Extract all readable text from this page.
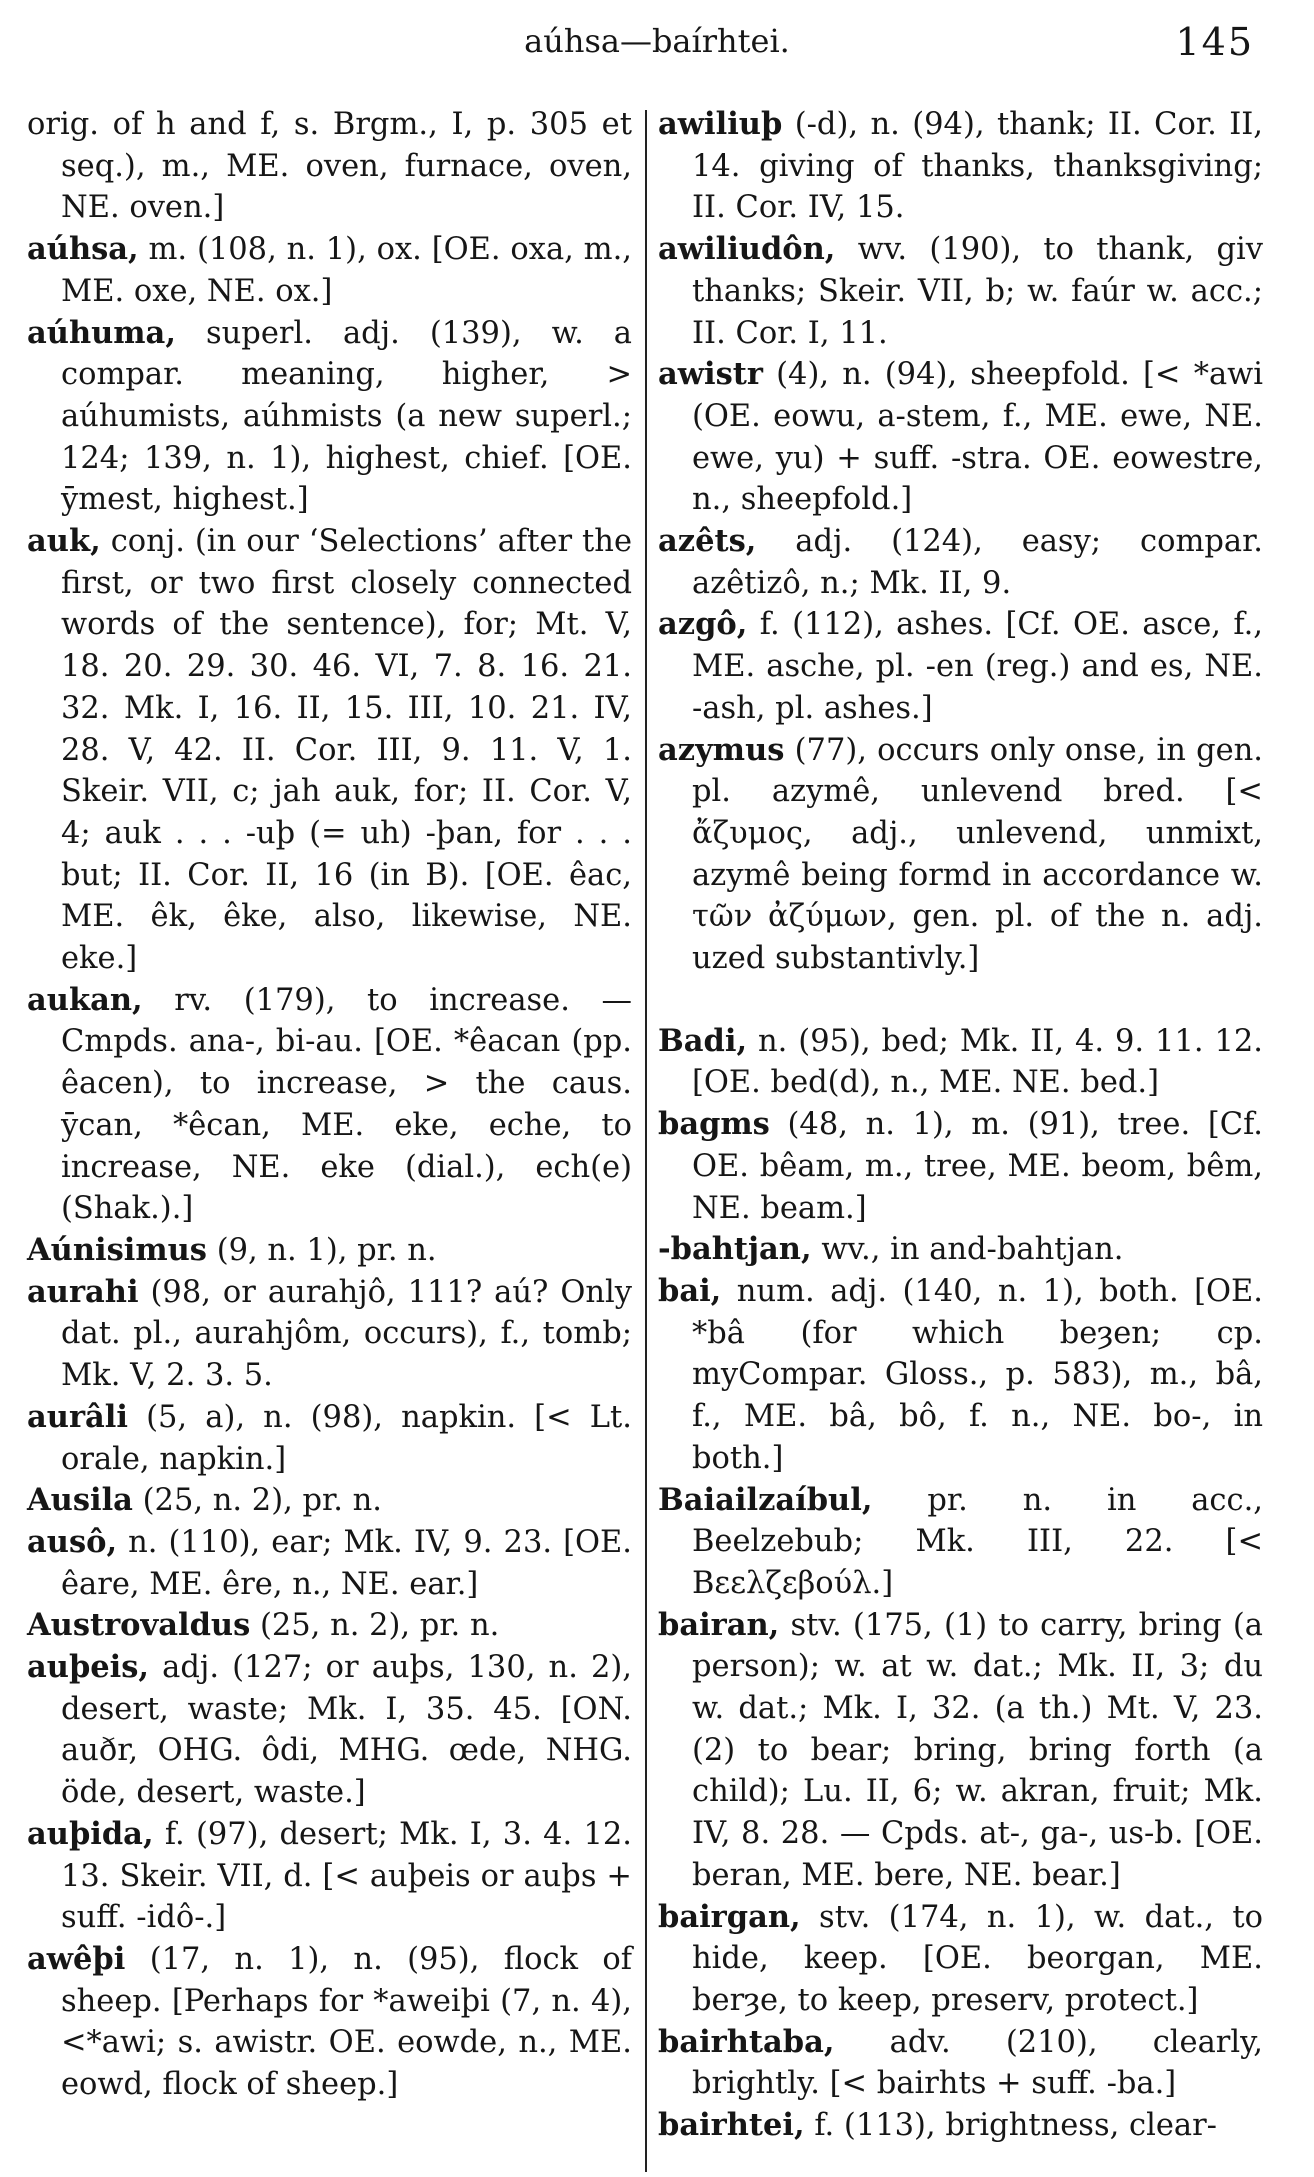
aúhsa—baírhtei.	145

orig. of h and f, s. Brgm., I, p. 305 et seq.), m., ME. oven, furnace, oven, NE. oven.]

aúhsa, m. (108, n. 1), ox. [OE. oxa, m., ME. oxe, NE. ox.]

aúhuma, superl. adj. (139), w. a compar. meaning, higher, > aúhumists, aúhmists (a new superl.; 124; 139, n. 1), highest, chief. [OE. ȳmest, highest.]

auk, conj. (in our ‘Selections’ after the first, or two first closely connected words of the sentence), for; Mt. V, 18. 20. 29. 30. 46. VI, 7. 8. 16. 21. 32. Mk. I, 16. II, 15. III, 10. 21. IV, 28. V, 42. II. Cor. III, 9. 11. V, 1. Skeir. VII, c; jah auk, for; II. Cor. V, 4; auk . . . -uþ (= uh) -þan, for . . . but; II. Cor. II, 16 (in B). [OE. êac, ME. êk, êke, also, likewise, NE. eke.]

aukan, rv. (179), to increase. — Cmpds. ana-, bi-au. [OE. *êacan (pp. êacen), to increase, > the caus. ȳcan, *êcan, ME. eke, eche, to increase, NE. eke (dial.), ech(e) (Shak.).]

Aúnisimus (9, n. 1), pr. n.

aurahi (98, or aurahjô, 111? aú? Only dat. pl., aurahjôm, occurs), f., tomb; Mk. V, 2. 3. 5.

aurâli (5, a), n. (98), napkin. [< Lt. orale, napkin.]

Ausila (25, n. 2), pr. n.

ausô, n. (110), ear; Mk. IV, 9. 23. [OE. êare, ME. êre, n., NE. ear.]

Austrovaldus (25, n. 2), pr. n.

auþeis, adj. (127; or auþs, 130, n. 2), desert, waste; Mk. I, 35. 45. [ON. auðr, OHG. ôdi, MHG. œde, NHG. öde, desert, waste.]

auþida, f. (97), desert; Mk. I, 3. 4. 12. 13. Skeir. VII, d. [< auþeis or auþs + suff. -idô-.]

awêþi (17, n. 1), n. (95), flock of sheep. [Perhaps for *aweiþi (7, n. 4), <*awi; s. awistr. OE. eowde, n., ME. eowd, flock of sheep.]

awiliuþ (-d), n. (94), thank; II. Cor. II, 14. giving of thanks, thanksgiving; II. Cor. IV, 15.

awiliudôn, wv. (190), to thank, giv thanks; Skeir. VII, b; w. faúr w. acc.; II. Cor. I, 11.

awistr (4), n. (94), sheepfold. [< *awi (OE. eowu, a-stem, f., ME. ewe, NE. ewe, yu) + suff. -stra. OE. eowestre, n., sheepfold.]

azêts, adj. (124), easy; compar. azêtizô, n.; Mk. II, 9.

azgô, f. (112), ashes. [Cf. OE. asce, f., ME. asche, pl. -en (reg.) and es, NE. -ash, pl. ashes.]

azymus (77), occurs only onse, in gen. pl. azymê, unlevend bred. [< ἄζυμος, adj., unlevend, unmixt, azymê being formd in accordance w. τῶν ἀζύμων, gen. pl. of the n. adj. uzed substantivly.]

Badi, n. (95), bed; Mk. II, 4. 9. 11. 12. [OE. bed(d), n., ME. NE. bed.]

bagms (48, n. 1), m. (91), tree. [Cf. OE. bêam, m., tree, ME. beom, bêm, NE. beam.]

-bahtjan, wv., in and-bahtjan.

bai, num. adj. (140, n. 1), both. [OE. *bâ (for which beȝen; cp. myCompar. Gloss., p. 583), m., bâ, f., ME. bâ, bô, f. n., NE. bo-, in both.]

Baiailzaíbul, pr. n. in acc., Beelzebub; Mk. III, 22. [< Βεελζεβούλ.]

bairan, stv. (175, (1) to carry, bring (a person); w. at w. dat.; Mk. II, 3; du w. dat.; Mk. I, 32. (a th.) Mt. V, 23. (2) to bear; bring, bring forth (a child); Lu. II, 6; w. akran, fruit; Mk. IV, 8. 28. — Cpds. at-, ga-, us-b. [OE. beran, ME. bere, NE. bear.]

bairgan, stv. (174, n. 1), w. dat., to hide, keep. [OE. beorgan, ME. berȝe, to keep, preserv, protect.]

bairhtaba, adv. (210), clearly, brightly. [< bairhts + suff. -ba.]

bairhtei, f. (113), brightness, clear-
